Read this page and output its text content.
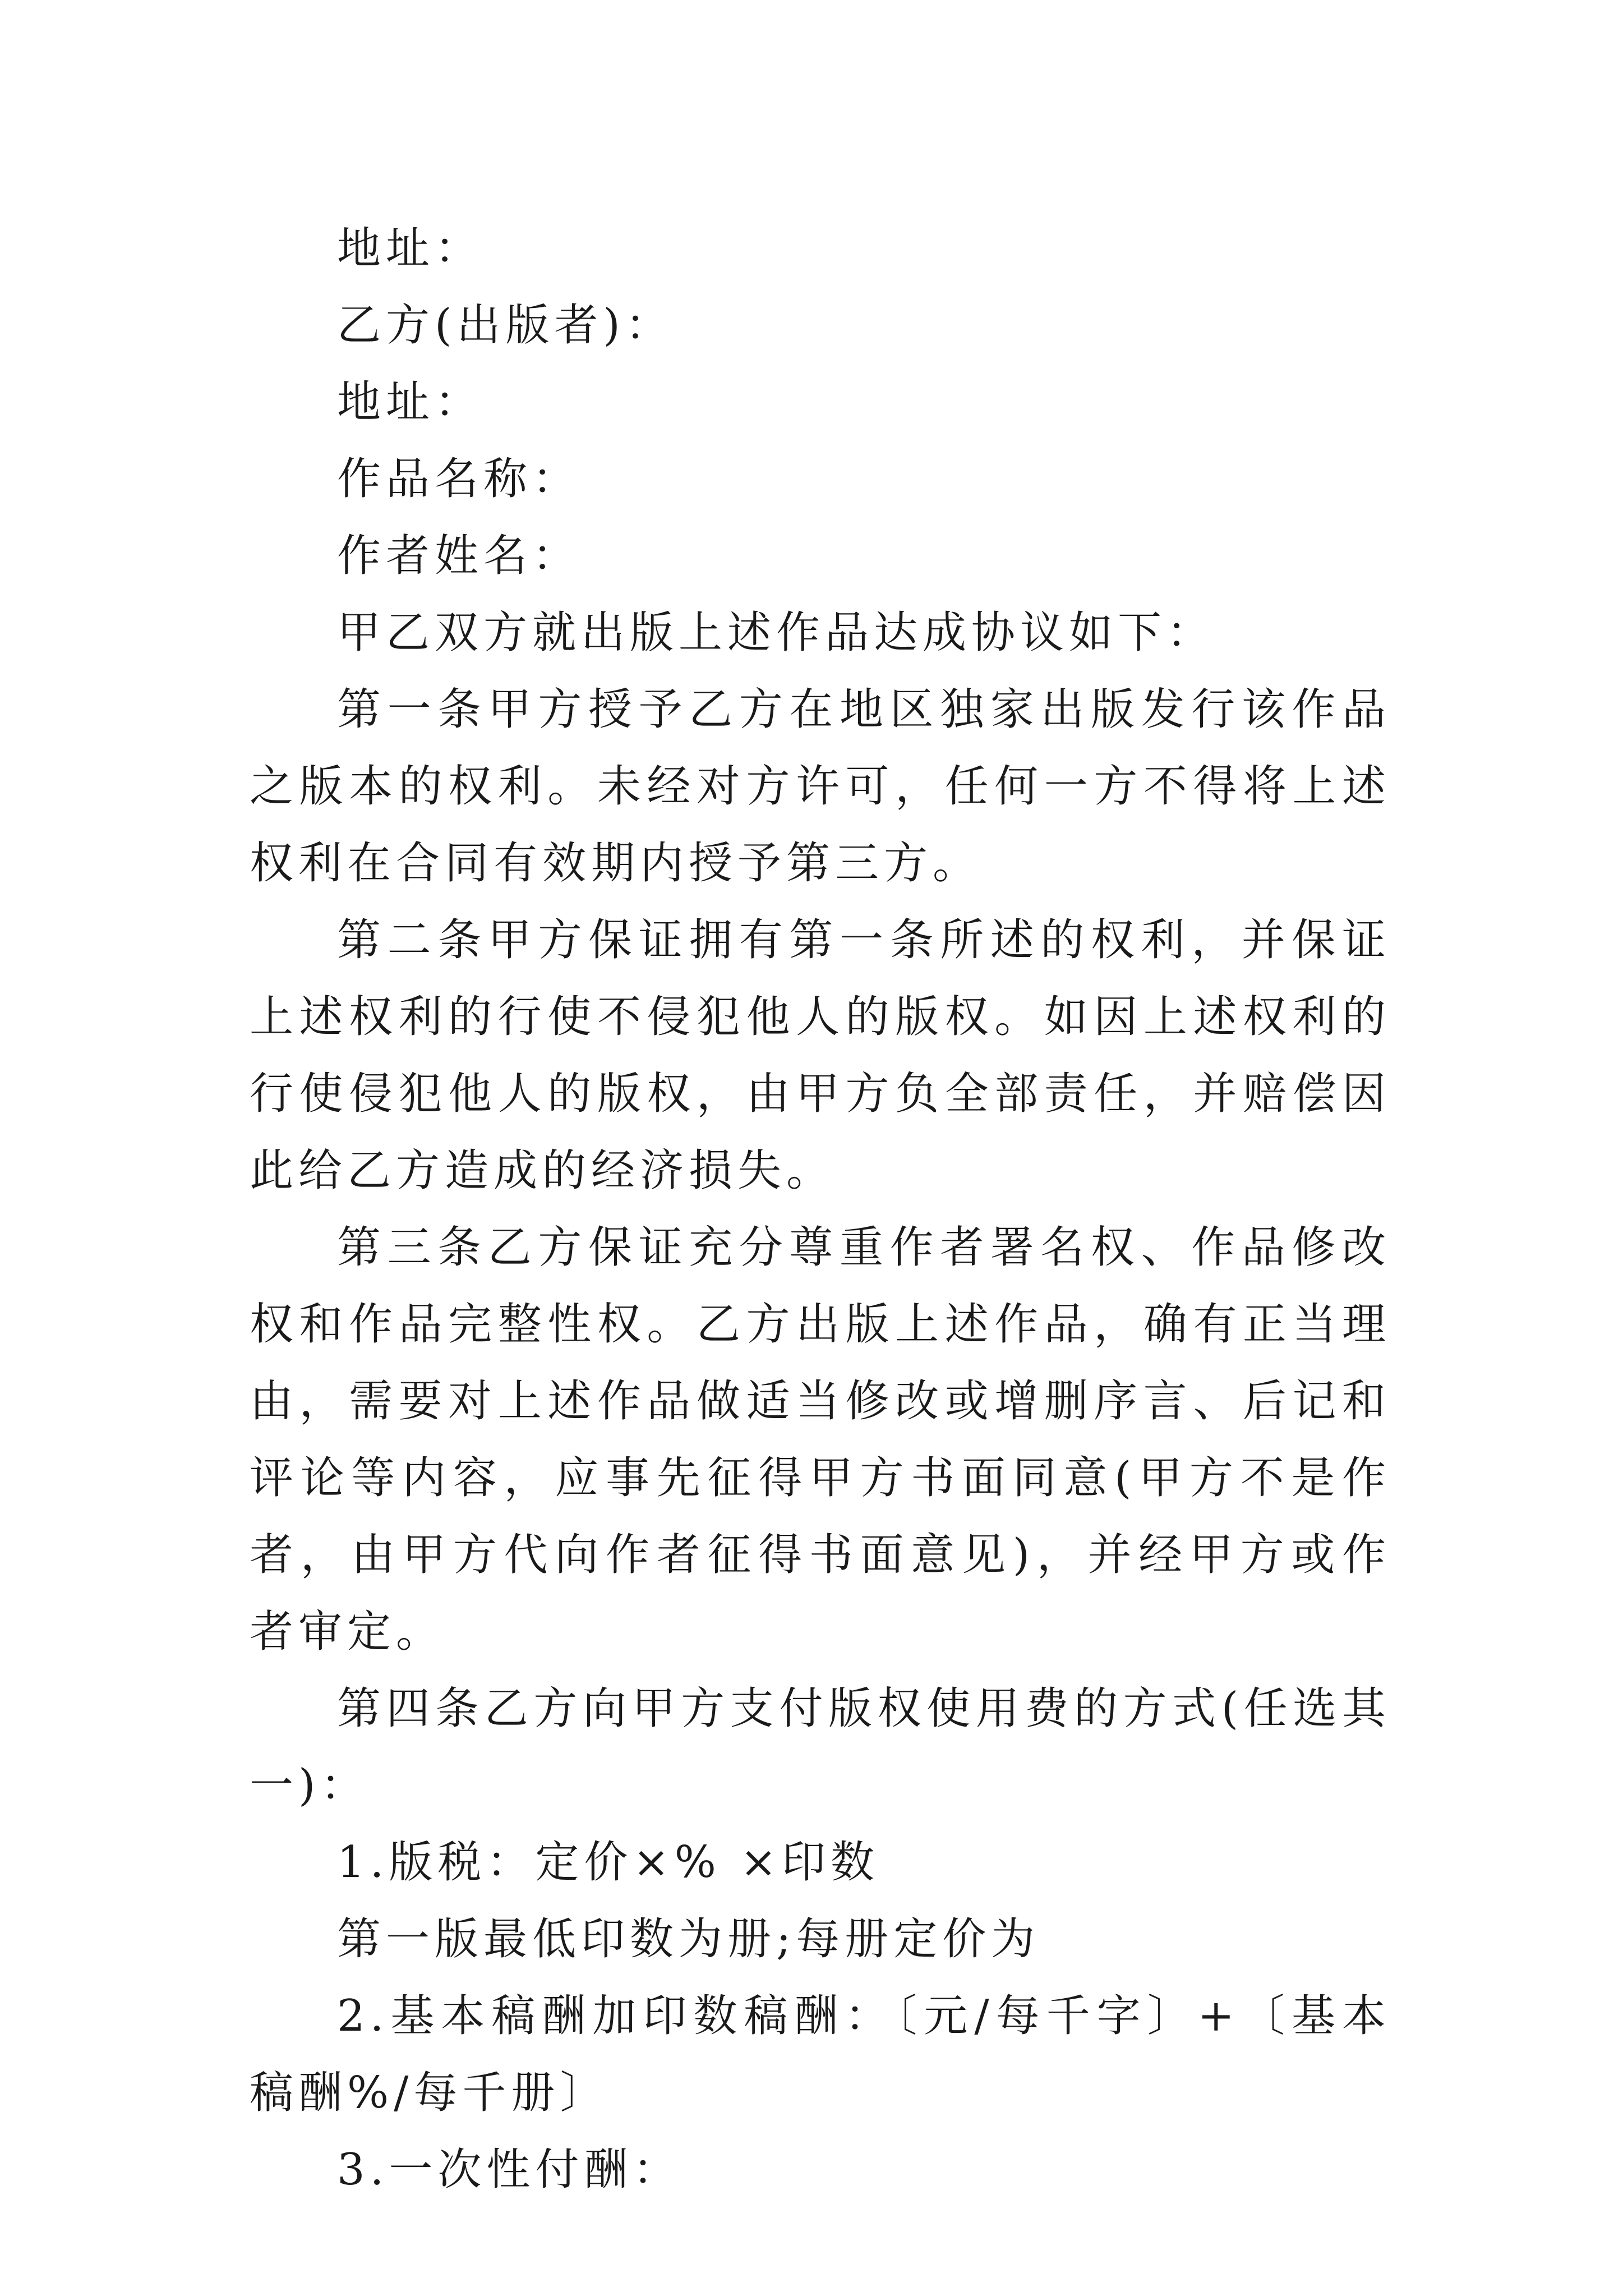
地址：

乙方(出版者)：

地址：

作品名称：

作者姓名：

甲乙双方就出版上述作品达成协议如下：

第一条甲方授予乙方在地区独家出版发行该作品之版本的权利。未经对方许可，任何一方不得将上述权利在合同有效期内授予第三方。

第二条甲方保证拥有第一条所述的权利，并保证上述权利的行使不侵犯他人的版权。如因上述权利的行使侵犯他人的版权，由甲方负全部责任，并赔偿因此给乙方造成的经济损失。

第三条乙方保证充分尊重作者署名权、作品修改权和作品完整性权。乙方出版上述作品，确有正当理由，需要对上述作品做适当修改或增删序言、后记和评论等内容，应事先征得甲方书面同意(甲方不是作者，由甲方代向作者征得书面意见)，并经甲方或作者审定。

第四条乙方向甲方支付版权使用费的方式(任选其一)：

1.版税：定价×% ×印数

第一版最低印数为册;每册定价为

2.基本稿酬加印数稿酬：〔元/每千字〕+〔基本稿酬%/每千册〕

3.一次性付酬：
